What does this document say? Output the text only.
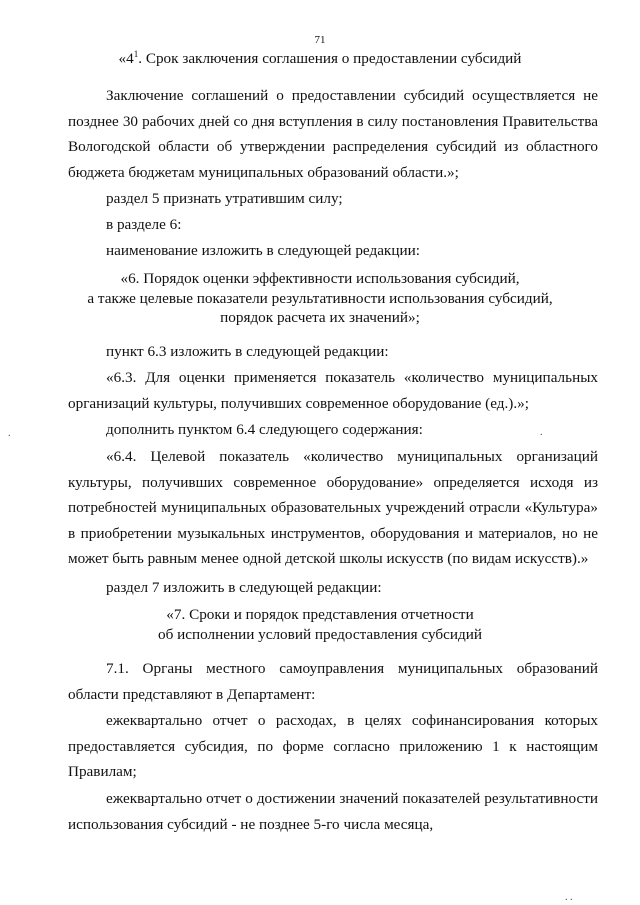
71
«$4^1$. Срок заключения соглашения о предоставлении субсидий
Заключение соглашений о предоставлении субсидий осуществляется не позднее 30 рабочих дней со дня вступления в силу постановления Правительства Вологодской области об утверждении распределения субсидий из областного бюджета бюджетам муниципальных образований области.»;
раздел 5 признать утратившим силу;
в разделе 6:
наименование изложить в следующей редакции:
«6. Порядок оценки эффективности использования субсидий,
а также целевые показатели результативности использования субсидий,
порядок расчета их значений»;
пункт 6.3 изложить в следующей редакции:
«6.3. Для оценки применяется показатель «количество муниципальных организаций культуры, получивших современное оборудование (ед.).»;
дополнить пунктом 6.4 следующего содержания:
«6.4. Целевой показатель «количество муниципальных организаций культуры, получивших современное оборудование» определяется исходя из потребностей муниципальных образовательных учреждений отрасли «Культура» в приобретении музыкальных инструментов, оборудования и материалов, но не может быть равным менее одной детской школы искусств (по видам искусств).»
раздел 7 изложить в следующей редакции:
«7. Сроки и порядок представления отчетности
об исполнении условий предоставления субсидий
7.1. Органы местного самоуправления муниципальных образований области представляют в Департамент:
ежеквартально отчет о расходах, в целях софинансирования которых предоставляется субсидия, по форме согласно приложению 1 к настоящим Правилам;
ежеквартально отчет о достижении значений показателей результативности использования субсидий - не позднее 5-го числа месяца,
.	.
. .
